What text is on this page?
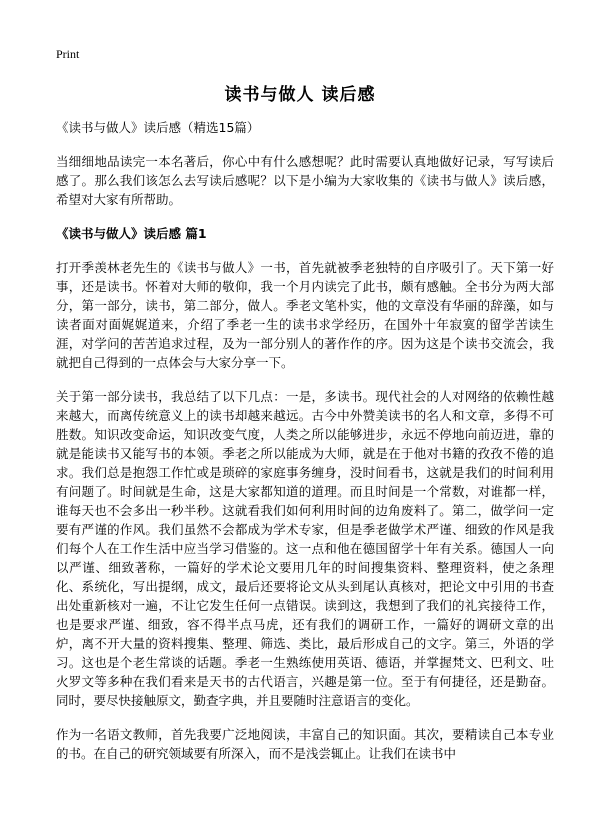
Print
读书与做人 读后感

《读书与做人》读后感（精选15篇）

当细细地品读完一本名著后，你心中有什么感想呢？此时需要认真地做好记录，写写读后感了。那么我们该怎么去写读后感呢？以下是小编为大家收集的《读书与做人》读后感，希望对大家有所帮助。

《读书与做人》读后感 篇1

打开季羡林老先生的《读书与做人》一书，首先就被季老独特的自序吸引了。天下第一好事，还是读书。怀着对大师的敬仰，我一个月内读完了此书，颇有感触。全书分为两大部分，第一部分，读书，第二部分，做人。季老文笔朴实，他的文章没有华丽的辞藻，如与读者面对面娓娓道来，介绍了季老一生的读书求学经历，在国外十年寂寞的留学苦读生涯，对学问的苦苦追求过程，及为一部分别人的著作作的序。因为这是个读书交流会，我就把自己得到的一点体会与大家分享一下。

关于第一部分读书，我总结了以下几点：一是，多读书。现代社会的人对网络的依赖性越来越大，而离传统意义上的读书却越来越远。古今中外赞美读书的名人和文章，多得不可胜数。知识改变命运，知识改变气度，人类之所以能够进步，永远不停地向前迈进，靠的就是能读书又能写书的本领。季老之所以能成为大师，就是在于他对书籍的孜孜不倦的追求。我们总是抱怨工作忙或是琐碎的家庭事务缠身，没时间看书，这就是我们的时间利用有问题了。时间就是生命，这是大家都知道的道理。而且时间是一个常数，对谁都一样，谁每天也不会多出一秒半秒。这就看我们如何利用时间的边角废料了。第二，做学问一定要有严谨的作风。我们虽然不会都成为学术专家，但是季老做学术严谨、细致的作风是我们每个人在工作生活中应当学习借鉴的。这一点和他在德国留学十年有关系。德国人一向以严谨、细致著称，一篇好的学术论文要用几年的时间搜集资料、整理资料，使之条理化、系统化，写出提纲，成文，最后还要将论文从头到尾认真核对，把论文中引用的书查出处重新核对一遍，不让它发生任何一点错误。读到这，我想到了我们的礼宾接待工作，也是要求严谨、细致，容不得半点马虎，还有我们的调研工作，一篇好的调研文章的出炉，离不开大量的资料搜集、整理、筛选、类比，最后形成自己的文字。第三，外语的学习。这也是个老生常谈的话题。季老一生熟练使用英语、德语，并掌握梵文、巴利文、吐火罗文等多种在我们看来是天书的古代语言，兴趣是第一位。至于有何捷径，还是勤奋。同时，要尽快接触原文，勤查字典，并且要随时注意语言的变化。

作为一名语文教师，首先我要广泛地阅读，丰富自己的知识面。其次，要精读自己本专业的书。在自己的研究领域要有所深入，而不是浅尝辄止。让我们在读书中
